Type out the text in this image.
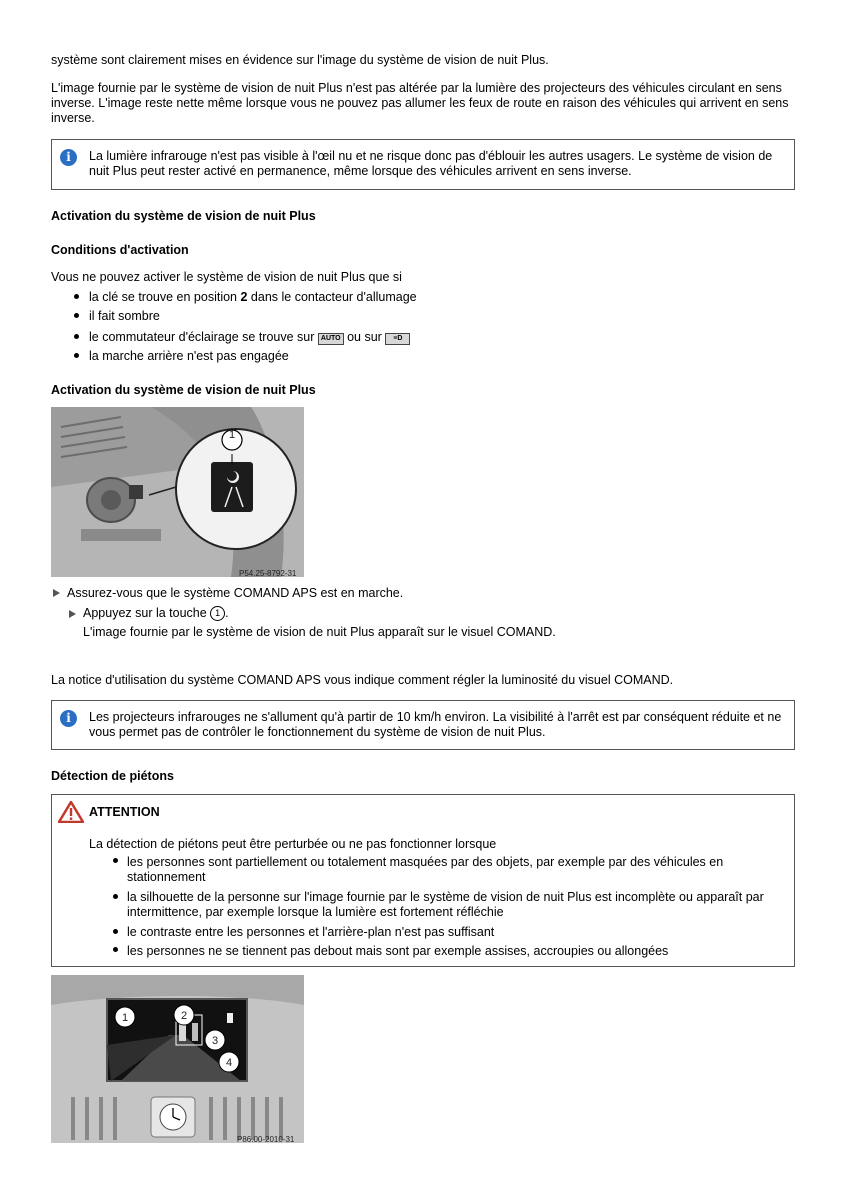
système sont clairement mises en évidence sur l'image du système de vision de nuit Plus.
L'image fournie par le système de vision de nuit Plus n'est pas altérée par la lumière des projecteurs des véhicules circulant en sens inverse. L'image reste nette même lorsque vous ne pouvez pas allumer les feux de route en raison des véhicules qui arrivent en sens inverse.
i	La lumière infrarouge n'est pas visible à l'œil nu et ne risque donc pas d'éblouir les autres usagers. Le système de vision de nuit Plus peut rester activé en permanence, même lorsque des véhicules arrivent en sens inverse.
Activation du système de vision de nuit Plus
Conditions d'activation
Vous ne pouvez activer le système de vision de nuit Plus que si
la clé se trouve en position 2 dans le contacteur d'allumage
il fait sombre
le commutateur d'éclairage se trouve sur AUTO ou sur ≡D
la marche arrière n'est pas engagée
Activation du système de vision de nuit Plus
1
P54.25-8792-31
Assurez-vous que le système COMAND APS est en marche.
Appuyez sur la touche 1 .
L'image fournie par le système de vision de nuit Plus apparaît sur le visuel COMAND.
La notice d'utilisation du système COMAND APS vous indique comment régler la luminosité du visuel COMAND.
i	Les projecteurs infrarouges ne s'allument qu'à partir de 10 km/h environ. La visibilité à l'arrêt est par conséquent réduite et ne vous permet pas de contrôler le fonctionnement du système de vision de nuit Plus.
Détection de piétons
ATTENTION
La détection de piétons peut être perturbée ou ne pas fonctionner lorsque
les personnes sont partiellement ou totalement masquées par des objets, par exemple par des véhicules en stationnement
la silhouette de la personne sur l'image fournie par le système de vision de nuit Plus est incomplète ou apparaît par intermittence, par exemple lorsque la lumière est fortement réfléchie
le contraste entre les personnes et l'arrière-plan n'est pas suffisant
les personnes ne se tiennent pas debout mais sont par exemple assises, accroupies ou allongées
1	2
3
4
P86.00-2010-31
